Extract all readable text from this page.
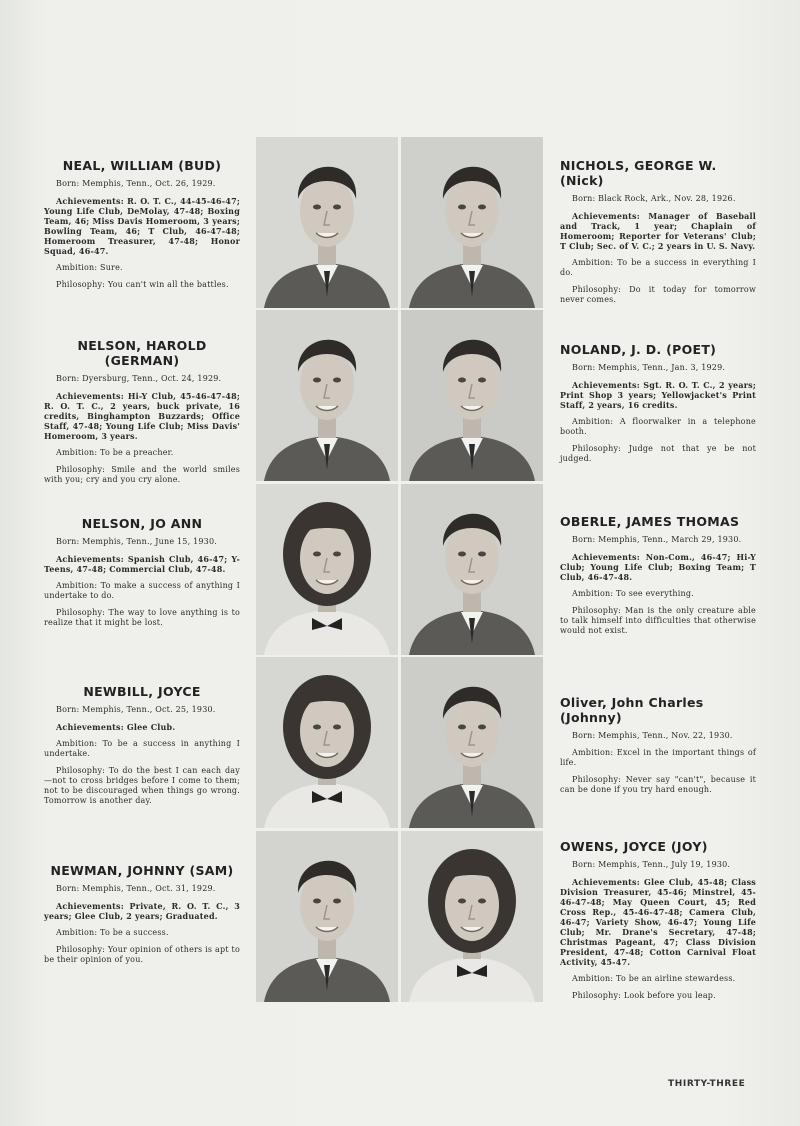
NEAL, WILLIAM (BUD)

Born: Memphis, Tenn., Oct. 26, 1929.

Achievements: R. O. T. C., 44-45-46-47; Young Life Club, DeMolay, 47-48; Boxing Team, 46; Miss Davis Homeroom, 3 years; Bowling Team, 46; T Club, 46-47-48; Homeroom Treasurer, 47-48; Honor Squad, 46-47.

Ambition: Sure.

Philosophy: You can't win all the battles.

NICHOLS, GEORGE W. (Nick)

Born: Black Rock, Ark., Nov. 28, 1926.

Achievements: Manager of Baseball and Track, 1 year; Chaplain of Homeroom; Reporter for Veterans' Club; T Club; Sec. of V. C.; 2 years in U. S. Navy.

Ambition: To be a success in everything I do.

Philosophy: Do it today for tomorrow never comes.

NELSON, HAROLD (GERMAN)

Born: Dyersburg, Tenn., Oct. 24, 1929.

Achievements: Hi-Y Club, 45-46-47-48; R. O. T. C., 2 years, buck private, 16 credits, Binghampton Buzzards; Office Staff, 47-48; Young Life Club; Miss Davis' Homeroom, 3 years.

Ambition: To be a preacher.

Philosophy: Smile and the world smiles with you; cry and you cry alone.

NOLAND, J. D. (POET)

Born: Memphis, Tenn., Jan. 3, 1929.

Achievements: Sgt. R. O. T. C., 2 years; Print Shop 3 years; Yellowjacket's Print Staff, 2 years, 16 credits.

Ambition: A floorwalker in a telephone booth.

Philosophy: Judge not that ye be not judged.

NELSON, JO ANN

Born: Memphis, Tenn., June 15, 1930.

Achievements: Spanish Club, 46-47; Y-Teens, 47-48; Commercial Club, 47-48.

Ambition: To make a success of anything I undertake to do.

Philosophy: The way to love anything is to realize that it might be lost.

OBERLE, JAMES THOMAS

Born: Memphis, Tenn., March 29, 1930.

Achievements: Non-Com., 46-47; Hi-Y Club; Young Life Club; Boxing Team; T Club, 46-47-48.

Ambition: To see everything.

Philosophy: Man is the only creature able to talk himself into difficulties that otherwise would not exist.

NEWBILL, JOYCE

Born: Memphis, Tenn., Oct. 25, 1930.

Achievements: Glee Club.

Ambition: To be a success in anything I undertake.

Philosophy: To do the best I can each day—not to cross bridges before I come to them; not to be discouraged when things go wrong. Tomorrow is another day.

Oliver, John Charles (Johnny)

Born: Memphis, Tenn., Nov. 22, 1930.

Ambition: Excel in the important things of life.

Philosophy: Never say "can't", because it can be done if you try hard enough.

NEWMAN, JOHNNY (SAM)

Born: Memphis, Tenn., Oct. 31, 1929.

Achievements: Private, R. O. T. C., 3 years; Glee Club, 2 years; Graduated.

Ambition: To be a success.

Philosophy: Your opinion of others is apt to be their opinion of you.

OWENS, JOYCE (JOY)

Born: Memphis, Tenn., July 19, 1930.

Achievements: Glee Club, 45-48; Class Division Treasurer, 45-46; Minstrel, 45-46-47-48; May Queen Court, 45; Red Cross Rep., 45-46-47-48; Camera Club, 46-47; Variety Show, 46-47; Young Life Club; Mr. Drane's Secretary, 47-48; Christmas Pageant, 47; Class Division President, 47-48; Cotton Carnival Float Activity, 45-47.

Ambition: To be an airline stewardess.

Philosophy: Look before you leap.

THIRTY-THREE
